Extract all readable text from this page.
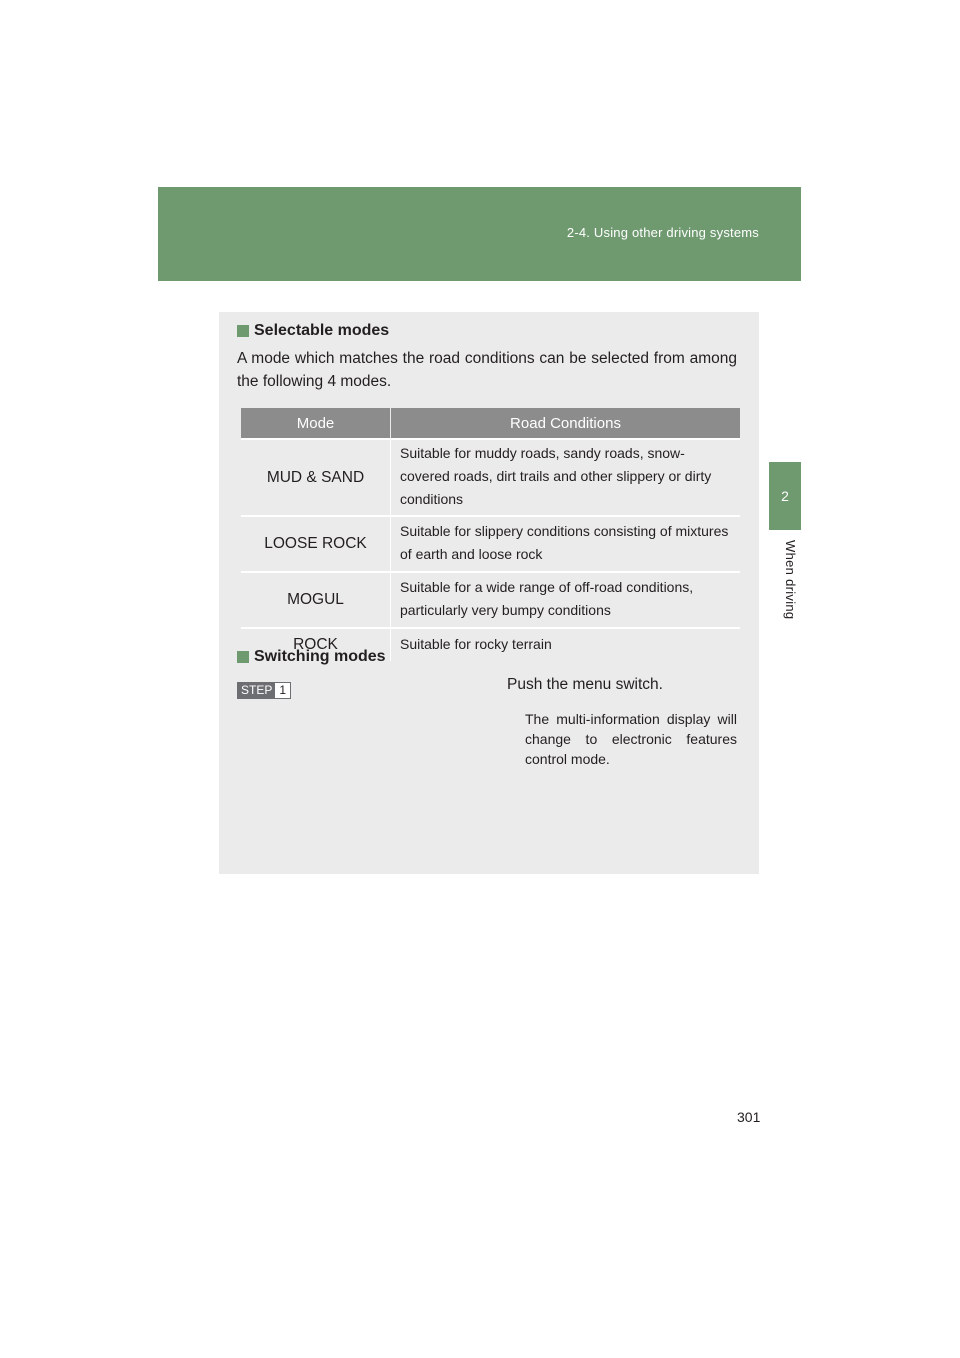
2-4. Using other driving systems
2
When driving
Selectable modes
A mode which matches the road conditions can be selected from among the following 4 modes.
Mode	Road Conditions
MUD & SAND	Suitable for muddy roads, sandy roads, snow-covered roads, dirt trails and other slippery or dirty conditions
LOOSE ROCK	Suitable for slippery conditions consisting of mixtures of earth and loose rock
MOGUL	Suitable for a wide range of off-road conditions, particularly very bumpy conditions
ROCK	Suitable for rocky terrain
Switching modes
STEP 1	Push the menu switch.
The multi-information display will change to electronic features control mode.
301
